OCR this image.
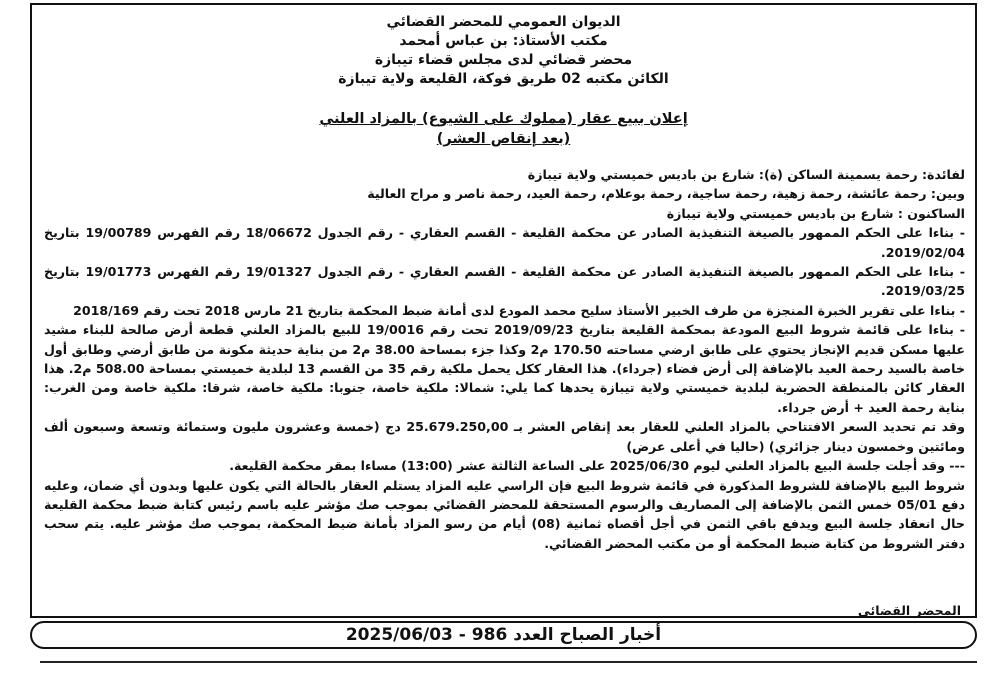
الديوان العمومي للمحضر القضائي
مكتب الأستاذ: بن عباس أمحمد
محضر قضائي لدى مجلس قضاء تيبازة
الكائن مكتبه 02 طريق فوكة، القليعة ولاية تيبازة
إعلان ببيع عقار (مملوك على الشيوع) بالمزاد العلني
(بعد إنقاص العشر)

لفائدة: رحمة يسمينة الساكن (ة): شارع بن باديس خميستي ولاية تيبازة

وبين: رحمة عائشة، رحمة زهية، رحمة ساجية، رحمة بوعلام، رحمة العيد، رحمة ناصر و مراح العالية

الساكنون : شارع بن باديس خميستي ولاية تيبازة

- بناءا على الحكم الممهور بالصيغة التنفيذية الصادر عن محكمة القليعة - القسم العقاري - رقم الجدول 18/06672 رقم الفهرس 19/00789 بتاريخ 2019/02/04.

- بناءا على الحكم الممهور بالصيغة التنفيذية الصادر عن محكمة القليعة - القسم العقاري - رقم الجدول 19/01327 رقم الفهرس 19/01773 بتاريخ 2019/03/25.

- بناءا على تقرير الخبرة المنجزة من طرف الخبير الأستاذ سليح محمد المودع لدى أمانة ضبط المحكمة بتاريخ 21 مارس 2018 تحت رقم 2018/169

- بناءا على قائمة شروط البيع المودعة بمحكمة القليعة بتاريخ 2019/09/23 تحت رقم 19/0016 للبيع بالمزاد العلني قطعة أرض صالحة للبناء مشيد عليها مسكن قديم الإنجاز يحتوي على طابق ارضي مساحته 170.50 م2 وكذا جزء بمساحة 38.00 م2 من بناية حديثة مكونة من طابق أرضي وطابق أول خاصة بالسيد رحمة العيد بالإضافة إلى أرض فضاء (جرداء). هذا العقار ككل يحمل ملكية رقم 35 من القسم 13 لبلدية خميستي بمساحة 508.00 م2. هذا العقار كائن بالمنطقة الحضرية لبلدية خميستي ولاية تيبازة يحدها كما يلي: شمالا: ملكية خاصة، جنوبا: ملكية خاصة، شرقا: ملكية خاصة ومن الغرب: بناية رحمة العيد + أرض جرداء.

وقد تم تحديد السعر الافتتاحي بالمزاد العلني للعقار بعد إنقاص العشر بـ 25.679.250,00 دج (خمسة وعشرون مليون وستمائة وتسعة وسبعون ألف ومائتين وخمسون دينار جزائري) (حاليا في أعلى عرض)

--- وقد أجلت جلسة البيع بالمزاد العلني ليوم 2025/06/30 على الساعة الثالثة عشر (13:00) مساءا بمقر محكمة القليعة.

شروط البيع بالإضافة للشروط المذكورة في قائمة شروط البيع فإن الراسي عليه المزاد يستلم العقار بالحالة التي يكون عليها وبدون أي ضمان، وعليه دفع 05/01 خمس الثمن بالإضافة إلى المصاريف والرسوم المستحقة للمحضر القضائي بموجب صك مؤشر عليه باسم رئيس كتابة ضبط محكمة القليعة حال انعقاد جلسة البيع ويدفع باقي الثمن في أجل أقصاه ثمانية (08) أيام من رسو المزاد بأمانة ضبط المحكمة، بموجب صك مؤشر عليه. يتم سحب دفتر الشروط من كتابة ضبط المحكمة أو من مكتب المحضر القضائي.

المحضر القضائي
أخبار الصباح العدد 986 - 2025/06/03
